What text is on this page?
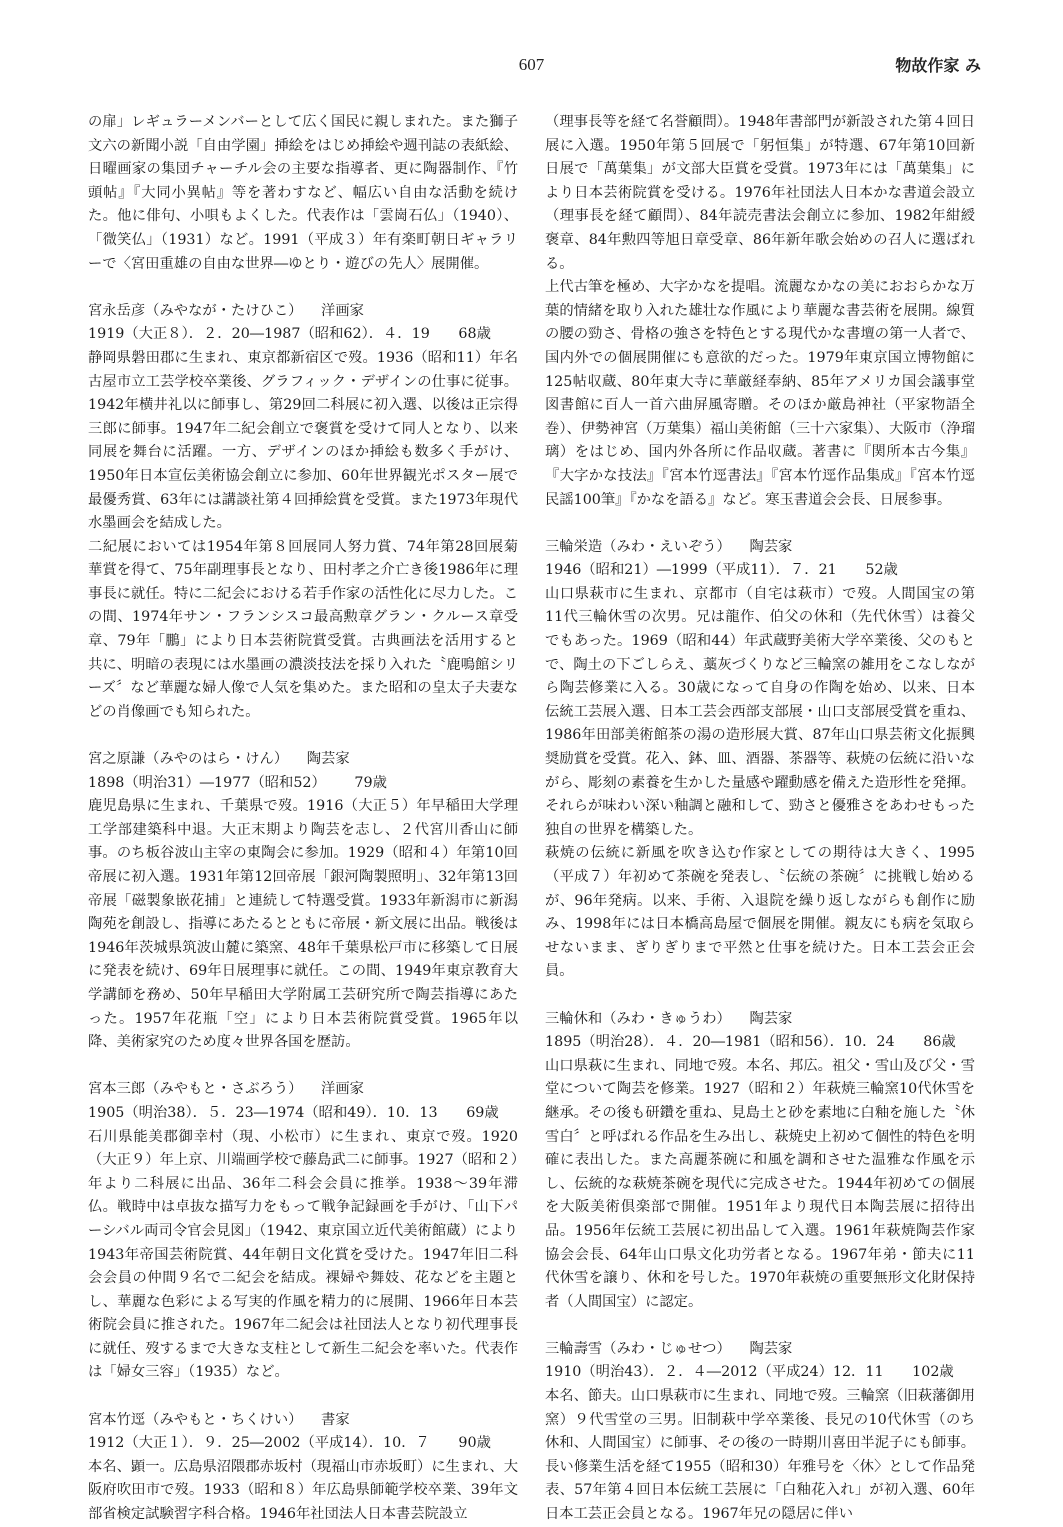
607	物故作家 み

の扉」レギュラーメンバーとして広く国民に親しまれた。また獅子文六の新聞小説「自由学園」挿絵をはじめ挿絵や週刊誌の表紙絵、日曜画家の集団チャーチル会の主要な指導者、更に陶器制作、『竹頭帖』『大同小異帖』等を著わすなど、幅広い自由な活動を続けた。他に俳句、小唄もよくした。代表作は「雲崗石仏」（1940）、「微笑仏」（1931）など。1991（平成３）年有楽町朝日ギャラリーで〈宮田重雄の自由な世界―ゆとり・遊びの先人〉展開催。

宮永岳彦（みやなが・たけひこ） 洋画家

1919（大正８）．２．20―1987（昭和62）．４．19 68歳

静岡県磐田郡に生まれ、東京都新宿区で歿。1936（昭和11）年名古屋市立工芸学校卒業後、グラフィック・デザインの仕事に従事。1942年横井礼以に師事し、第29回二科展に初入選、以後は正宗得三郎に師事。1947年二紀会創立で褒賞を受けて同人となり、以来同展を舞台に活躍。一方、デザインのほか挿絵も数多く手がけ、1950年日本宣伝美術協会創立に参加、60年世界観光ポスター展で最優秀賞、63年には講談社第４回挿絵賞を受賞。また1973年現代水墨画会を結成した。

二紀展においては1954年第８回展同人努力賞、74年第28回展菊華賞を得て、75年副理事長となり、田村孝之介亡き後1986年に理事長に就任。特に二紀会における若手作家の活性化に尽力した。この間、1974年サン・フランシスコ最高勲章グラン・クルース章受章、79年「鵬」により日本芸術院賞受賞。古典画法を活用すると共に、明暗の表現には水墨画の濃淡技法を採り入れた〝鹿鳴館シリーズ〞など華麗な婦人像で人気を集めた。また昭和の皇太子夫妻などの肖像画でも知られた。

宮之原謙（みやのはら・けん） 陶芸家

1898（明治31）―1977（昭和52） 79歳

鹿児島県に生まれ、千葉県で歿。1916（大正５）年早稲田大学理工学部建築科中退。大正末期より陶芸を志し、２代宮川香山に師事。のち板谷波山主宰の東陶会に参加。1929（昭和４）年第10回帝展に初入選。1931年第12回帝展「銀河陶製照明」、32年第13回帝展「磁製象嵌花捕」と連続して特選受賞。1933年新潟市に新潟陶苑を創設し、指導にあたるとともに帝展・新文展に出品。戦後は1946年茨城県筑波山麓に築窯、48年千葉県松戸市に移築して日展に発表を続け、69年日展理事に就任。この間、1949年東京教育大学講師を務め、50年早稲田大学附属工芸研究所で陶芸指導にあたった。1957年花瓶「空」により日本芸術院賞受賞。1965年以降、美術家究のため度々世界各国を歴訪。

宮本三郎（みやもと・さぶろう） 洋画家

1905（明治38）．５．23―1974（昭和49）．10．13 69歳

石川県能美郡御幸村（現、小松市）に生まれ、東京で歿。1920（大正９）年上京、川端画学校で藤島武二に師事。1927（昭和２）年より二科展に出品、36年二科会会員に推挙。1938～39年滞仏。戦時中は卓抜な描写力をもって戦争記録画を手がけ、「山下パーシバル両司令官会見図」（1942、東京国立近代美術館蔵）により1943年帝国芸術院賞、44年朝日文化賞を受けた。1947年旧二科会会員の仲間９名で二紀会を結成。裸婦や舞妓、花などを主題とし、華麗な色彩による写実的作風を精力的に展開、1966年日本芸術院会員に推された。1967年二紀会は社団法人となり初代理事長に就任、歿するまで大きな支柱として新生二紀会を率いた。代表作は「婦女三容」（1935）など。

宮本竹逕（みやもと・ちくけい） 書家

1912（大正１）．９．25―2002（平成14）．10．７ 90歳

本名、顕一。広島県沼隈郡赤坂村（現福山市赤坂町）に生まれ、大阪府吹田市で歿。1933（昭和８）年広島県師範学校卒業、39年文部省検定試験習字科合格。1946年社団法人日本書芸院設立

（理事長等を経て名誉顧問）。1948年書部門が新設された第４回日展に入選。1950年第５回展で「躬恒集」が特選、67年第10回新日展で「萬葉集」が文部大臣賞を受賞。1973年には「萬葉集」により日本芸術院賞を受ける。1976年社団法人日本かな書道会設立（理事長を経て顧問）、84年読売書法会創立に参加、1982年紺綬褒章、84年勲四等旭日章受章、86年新年歌会始めの召人に選ばれる。

上代古筆を極め、大字かなを提唱。流麗なかなの美におおらかな万葉的情緒を取り入れた雄壮な作風により華麗な書芸術を展開。線質の腰の勁さ、骨格の強さを特色とする現代かな書壇の第一人者で、国内外での個展開催にも意欲的だった。1979年東京国立博物館に125帖収蔵、80年東大寺に華厳経奉納、85年アメリカ国会議事堂図書館に百人一首六曲屏風寄贈。そのほか厳島神社（平家物語全巻）、伊勢神宮（万葉集）福山美術館（三十六家集）、大阪市（浄瑠璃）をはじめ、国内外各所に作品収蔵。著書に『関所本古今集』『大字かな技法』『宮本竹逕書法』『宮本竹逕作品集成』『宮本竹逕民謡100筆』『かなを語る』など。寒玉書道会会長、日展参事。

三輪栄造（みわ・えいぞう） 陶芸家

1946（昭和21）―1999（平成11）．７．21 52歳

山口県萩市に生まれ、京都市（自宅は萩市）で歿。人間国宝の第11代三輪休雪の次男。兄は龍作、伯父の休和（先代休雪）は養父でもあった。1969（昭和44）年武蔵野美術大学卒業後、父のもとで、陶土の下ごしらえ、藁灰づくりなど三輪窯の雑用をこなしながら陶芸修業に入る。30歳になって自身の作陶を始め、以来、日本伝統工芸展入選、日本工芸会西部支部展・山口支部展受賞を重ね、1986年田部美術館茶の湯の造形展大賞、87年山口県芸術文化振興奨励賞を受賞。花入、鉢、皿、酒器、茶器等、萩焼の伝統に沿いながら、彫刻の素養を生かした量感や躍動感を備えた造形性を発揮。それらが味わい深い釉調と融和して、勁さと優雅さをあわせもった独自の世界を構築した。

萩焼の伝統に新風を吹き込む作家としての期待は大きく、1995（平成７）年初めて茶碗を発表し、〝伝統の茶碗〞に挑戦し始めるが、96年発病。以来、手術、入退院を繰り返しながらも創作に励み、1998年には日本橋高島屋で個展を開催。親友にも病を気取らせないまま、ぎりぎりまで平然と仕事を続けた。日本工芸会正会員。

三輪休和（みわ・きゅうわ） 陶芸家

1895（明治28）．４．20―1981（昭和56）．10．24 86歳

山口県萩に生まれ、同地で歿。本名、邦広。祖父・雪山及び父・雪堂について陶芸を修業。1927（昭和２）年萩焼三輪窯10代休雪を継承。その後も研鑽を重ね、見島土と砂を素地に白釉を施した〝休雪白〞と呼ばれる作品を生み出し、萩焼史上初めて個性的特色を明確に表出した。また高麗茶碗に和風を調和させた温雅な作風を示し、伝統的な萩焼茶碗を現代に完成させた。1944年初めての個展を大阪美術倶楽部で開催。1951年より現代日本陶芸展に招待出品。1956年伝統工芸展に初出品して入選。1961年萩焼陶芸作家協会会長、64年山口県文化功労者となる。1967年弟・節夫に11代休雪を譲り、休和を号した。1970年萩焼の重要無形文化財保持者（人間国宝）に認定。

三輪壽雪（みわ・じゅせつ） 陶芸家

1910（明治43）．２．４―2012（平成24）12．11 102歳

本名、節夫。山口県萩市に生まれ、同地で歿。三輪窯（旧萩藩御用窯）９代雪堂の三男。旧制萩中学卒業後、長兄の10代休雪（のち休和、人間国宝）に師事、その後の一時期川喜田半泥子にも師事。長い修業生活を経て1955（昭和30）年雅号を〈休〉として作品発表、57年第４回日本伝統工芸展に「白釉花入れ」が初入選、60年日本工芸正会員となる。1967年兄の隠居に伴い
